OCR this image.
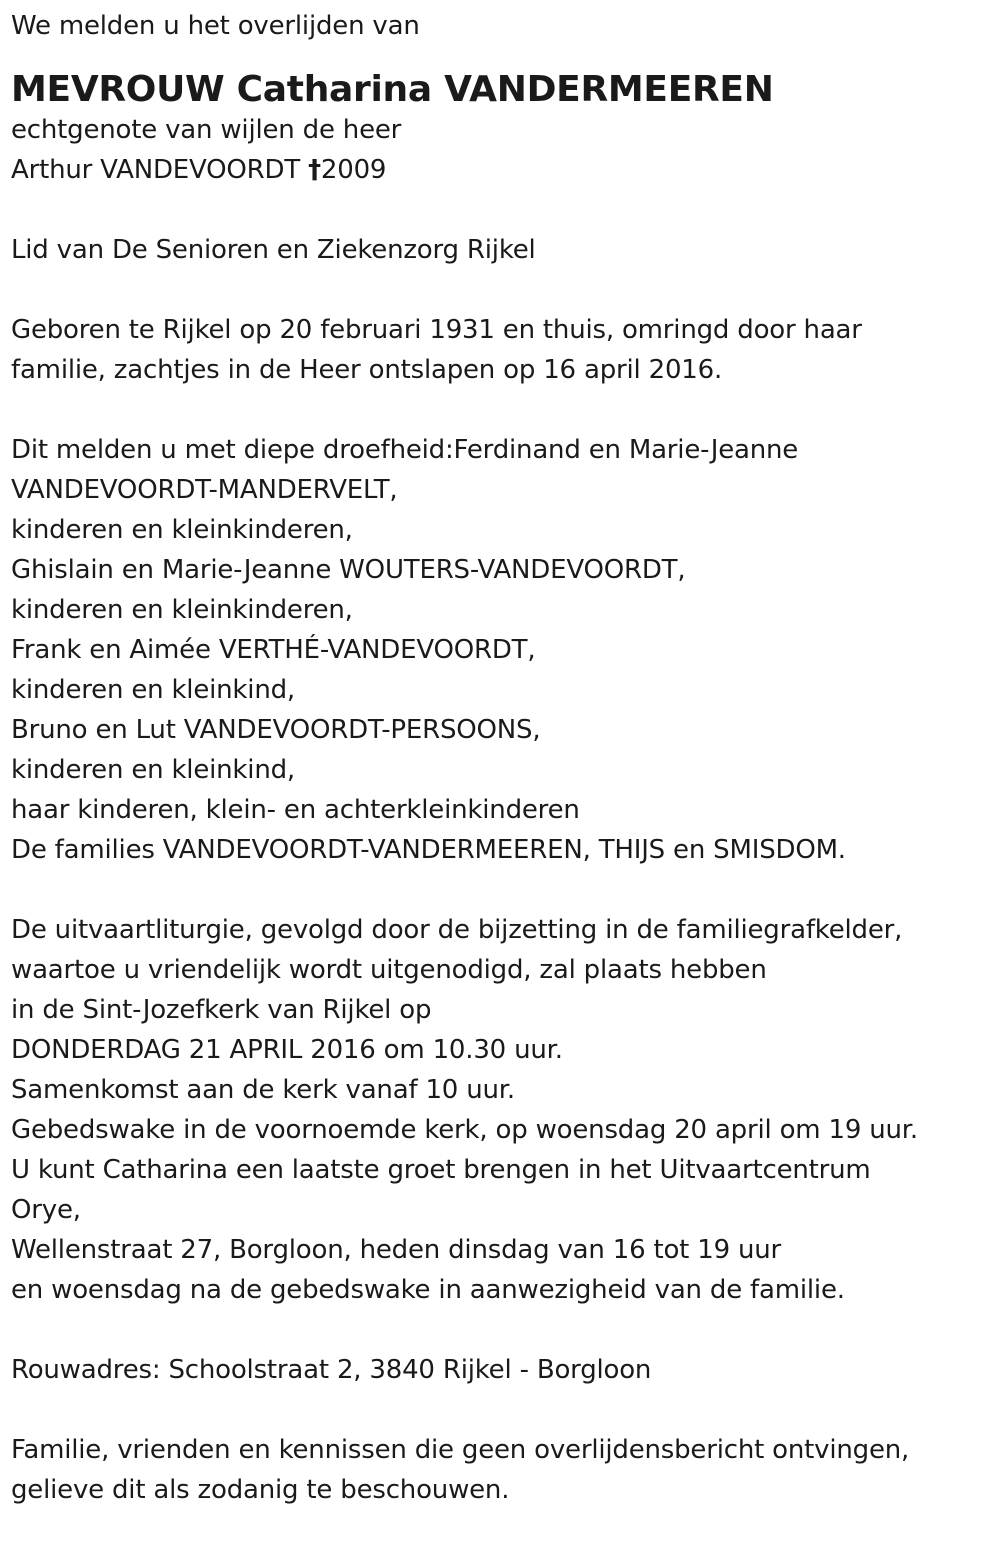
We melden u het overlijden van
MEVROUW Catharina VANDERMEEREN
echtgenote van wijlen de heer
Arthur VANDEVOORDT †2009
Lid van De Senioren en Ziekenzorg Rijkel
Geboren te Rijkel op 20 februari 1931 en thuis, omringd door haar
familie, zachtjes in de Heer ontslapen op 16 april 2016.
Dit melden u met diepe droefheid:Ferdinand en Marie-Jeanne
VANDEVOORDT-MANDERVELT,
kinderen en kleinkinderen,
Ghislain en Marie-Jeanne WOUTERS-VANDEVOORDT,
kinderen en kleinkinderen,
Frank en Aimée VERTHÉ-VANDEVOORDT,
kinderen en kleinkind,
Bruno en Lut VANDEVOORDT-PERSOONS,
kinderen en kleinkind,
haar kinderen, klein- en achterkleinkinderen
De families VANDEVOORDT-VANDERMEEREN, THIJS en SMISDOM.
De uitvaartliturgie, gevolgd door de bijzetting in de familiegrafkelder,
waartoe u vriendelijk wordt uitgenodigd, zal plaats hebben
in de Sint-Jozefkerk van Rijkel op
DONDERDAG 21 APRIL 2016 om 10.30 uur.
Samenkomst aan de kerk vanaf 10 uur.
Gebedswake in de voornoemde kerk, op woensdag 20 april om 19 uur.
U kunt Catharina een laatste groet brengen in het Uitvaartcentrum
Orye,
Wellenstraat 27, Borgloon, heden dinsdag van 16 tot 19 uur
en woensdag na de gebedswake in aanwezigheid van de familie.
Rouwadres: Schoolstraat 2, 3840 Rijkel - Borgloon
Familie, vrienden en kennissen die geen overlijdensbericht ontvingen,
gelieve dit als zodanig te beschouwen.
